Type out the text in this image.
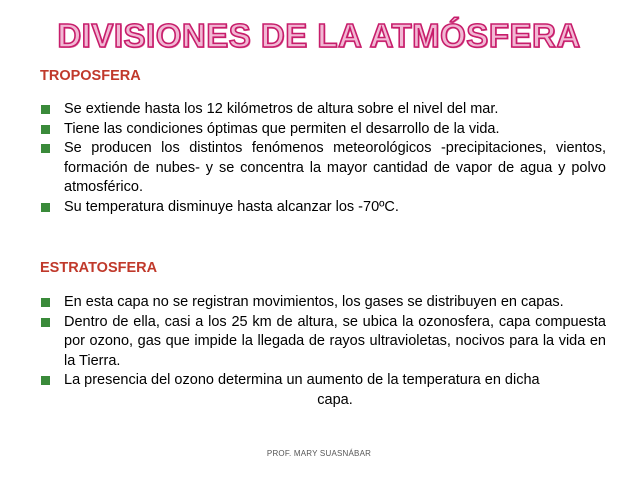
DIVISIONES DE LA ATMÓSFERA
TROPOSFERA
Se extiende hasta los 12 kilómetros de altura sobre el nivel del mar.
Tiene las condiciones óptimas que permiten el desarrollo de la vida.
Se producen los distintos fenómenos meteorológicos -precipitaciones, vientos, formación de nubes- y se concentra la mayor cantidad de vapor de agua y polvo atmosférico.
Su temperatura disminuye hasta alcanzar los -70ºC.
ESTRATOSFERA
En esta capa no se registran movimientos, los gases se distribuyen en capas.
Dentro de ella, casi a los 25 km de altura, se ubica la ozonosfera, capa compuesta por ozono, gas que impide la llegada de rayos ultravioletas, nocivos para la vida en la Tierra.
La presencia del ozono determina un aumento de la temperatura en dicha
capa.
PROF. MARY SUASNÁBAR
